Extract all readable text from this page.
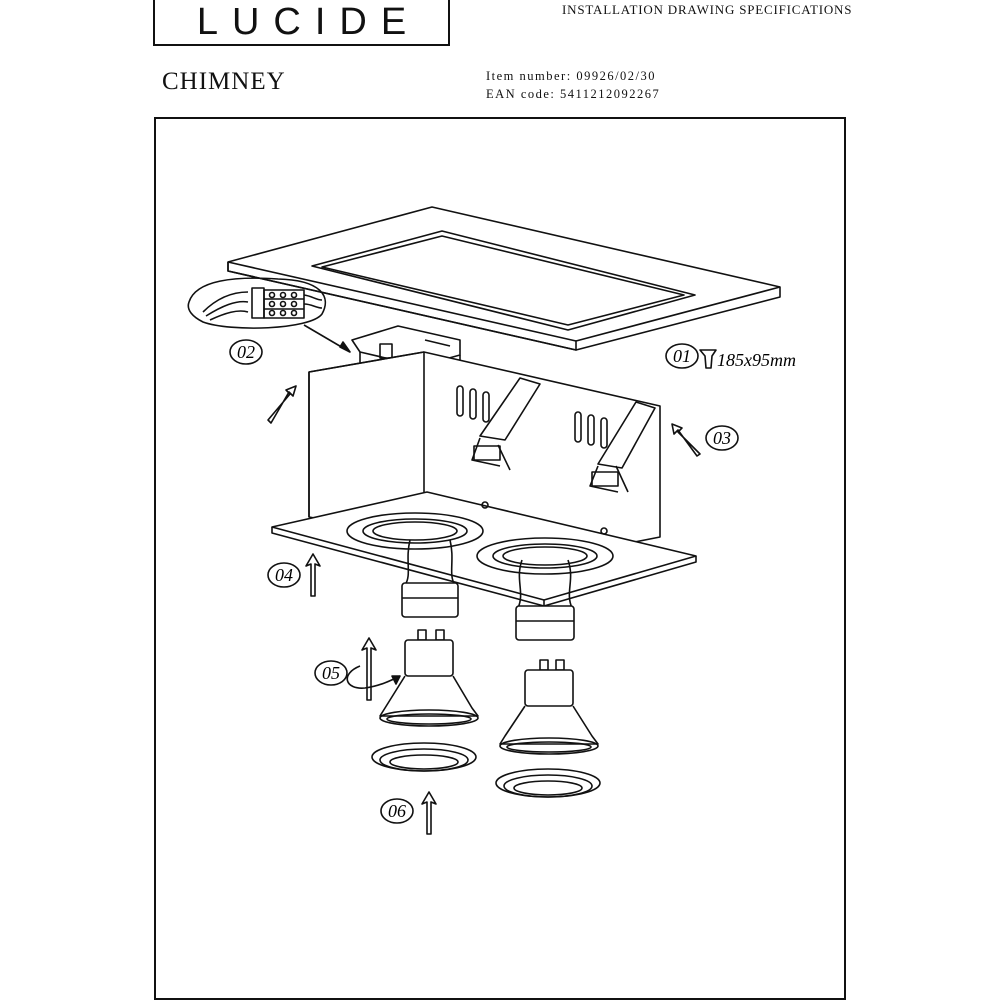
LUCIDE	INSTALLATION DRAWING SPECIFICATIONS
CHIMNEY	Item number: 09926/02/30
EAN code: 5411212092267
02	01 185x95mm
03
04
05
06
